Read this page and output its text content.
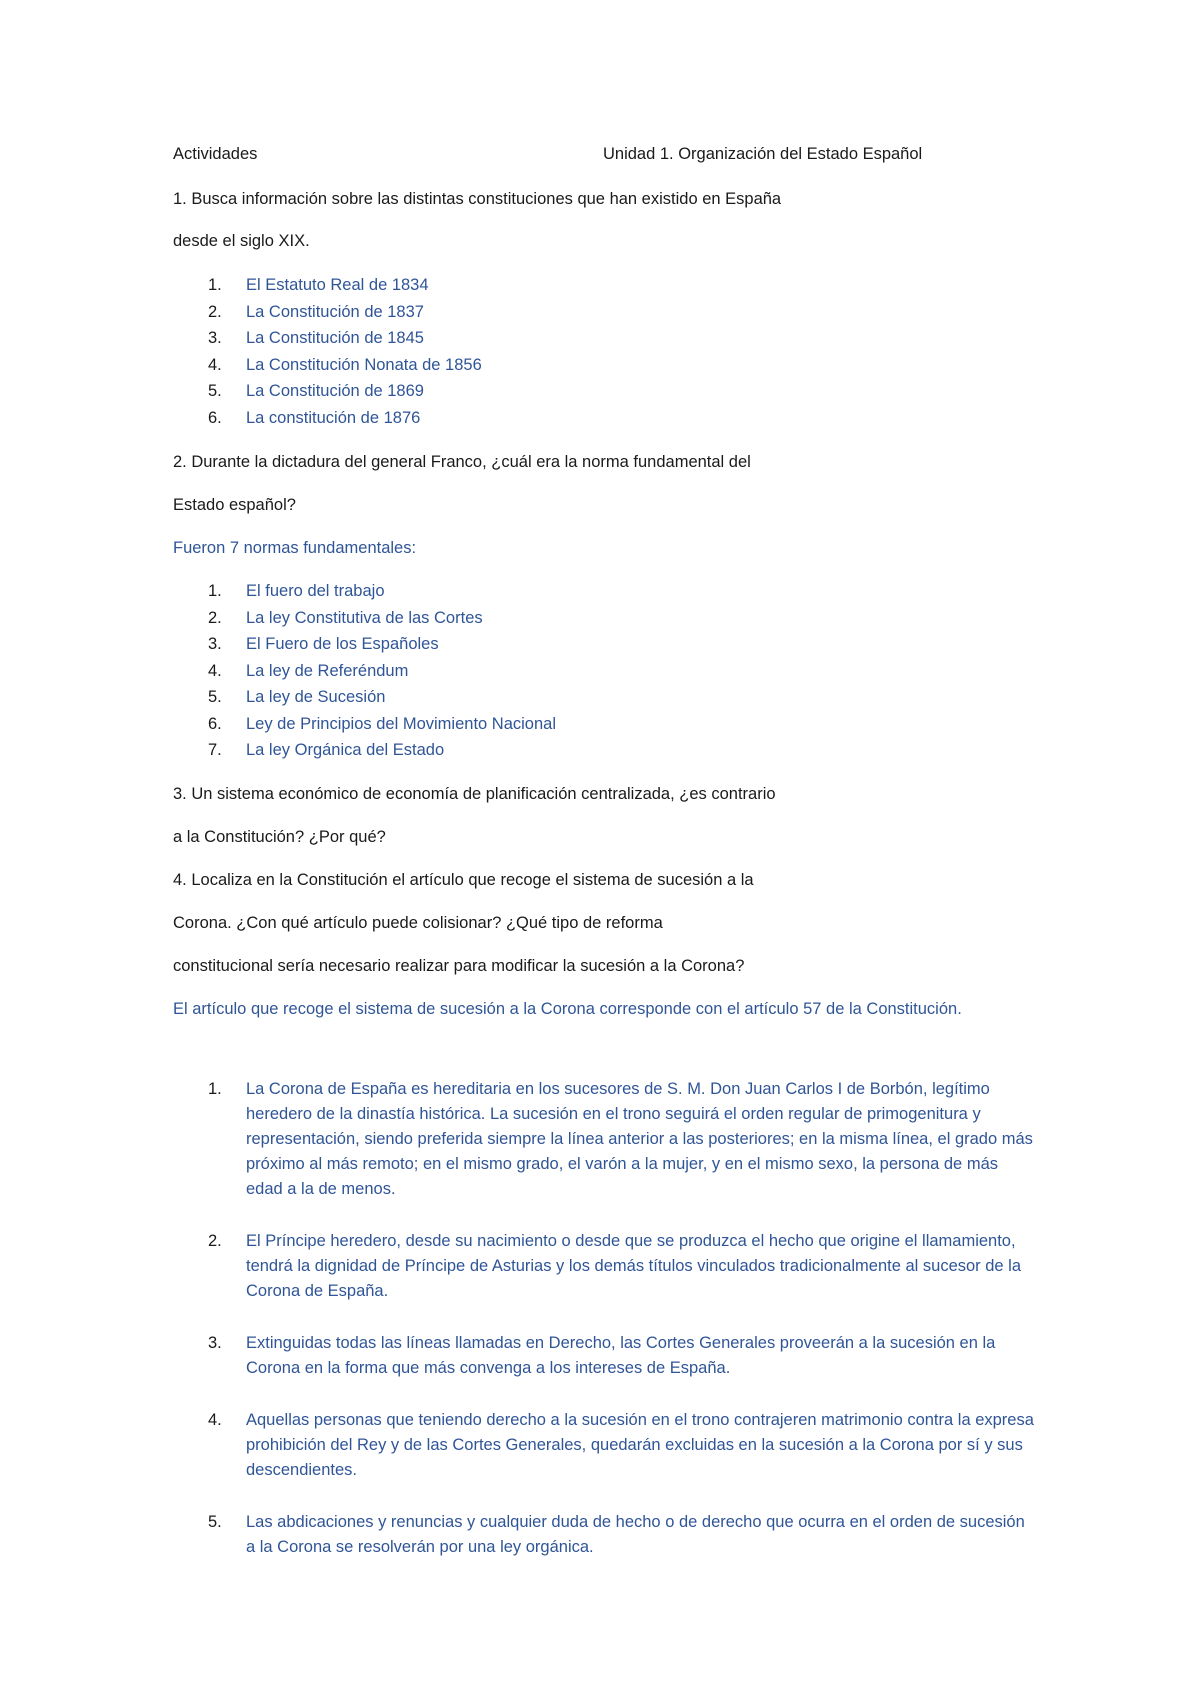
Actividades	Unidad 1. Organización del Estado Español

1. Busca información sobre las distintas constituciones que han existido en España

desde el siglo XIX.

1. El Estatuto Real de 1834
2. La Constitución de 1837
3. La Constitución de 1845
4. La Constitución Nonata de 1856
5. La Constitución de 1869
6. La constitución de 1876

2. Durante la dictadura del general Franco, ¿cuál era la norma fundamental del

Estado español?

Fueron 7 normas fundamentales:

1. El fuero del trabajo
2. La ley Constitutiva de las Cortes
3. El Fuero de los Españoles
4. La ley de Referéndum
5. La ley de Sucesión
6. Ley de Principios del Movimiento Nacional
7. La ley Orgánica del Estado

3. Un sistema económico de economía de planificación centralizada, ¿es contrario

a la Constitución? ¿Por qué?

4. Localiza en la Constitución el artículo que recoge el sistema de sucesión a la

Corona. ¿Con qué artículo puede colisionar? ¿Qué tipo de reforma

constitucional sería necesario realizar para modificar la sucesión a la Corona?

El artículo que recoge el sistema de sucesión a la Corona corresponde con el artículo 57 de la Constitución.

1. La Corona de España es hereditaria en los sucesores de S. M. Don Juan Carlos I de Borbón, legítimo heredero de la dinastía histórica. La sucesión en el trono seguirá el orden regular de primogenitura y representación, siendo preferida siempre la línea anterior a las posteriores; en la misma línea, el grado más próximo al más remoto; en el mismo grado, el varón a la mujer, y en el mismo sexo, la persona de más edad a la de menos.
2. El Príncipe heredero, desde su nacimiento o desde que se produzca el hecho que origine el llamamiento, tendrá la dignidad de Príncipe de Asturias y los demás títulos vinculados tradicionalmente al sucesor de la Corona de España.
3. Extinguidas todas las líneas llamadas en Derecho, las Cortes Generales proveerán a la sucesión en la Corona en la forma que más convenga a los intereses de España.
4. Aquellas personas que teniendo derecho a la sucesión en el trono contrajeren matrimonio contra la expresa prohibición del Rey y de las Cortes Generales, quedarán excluidas en la sucesión a la Corona por sí y sus descendientes.
5. Las abdicaciones y renuncias y cualquier duda de hecho o de derecho que ocurra en el orden de sucesión a la Corona se resolverán por una ley orgánica.
